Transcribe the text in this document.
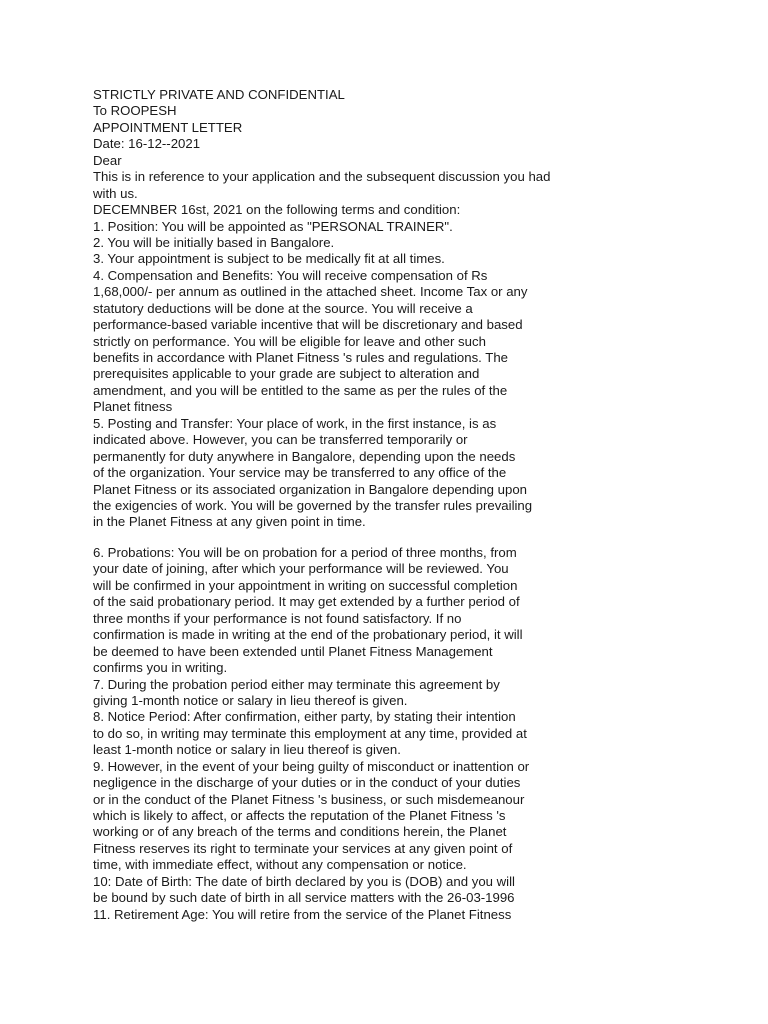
STRICTLY PRIVATE AND CONFIDENTIAL
To ROOPESH
APPOINTMENT LETTER
Date: 16-12--2021
Dear
This is in reference to your application and the subsequent discussion you had
with us.
DECEMNBER 16st, 2021 on the following terms and condition:
1. Position: You will be appointed as "PERSONAL TRAINER".
2. You will be initially based in Bangalore.
3. Your appointment is subject to be medically fit at all times.
4. Compensation and Benefits: You will receive compensation of Rs
1,68,000/- per annum as outlined in the attached sheet. Income Tax or any
statutory deductions will be done at the source. You will receive a
performance-based variable incentive that will be discretionary and based
strictly on performance. You will be eligible for leave and other such
benefits in accordance with Planet Fitness 's rules and regulations. The
prerequisites applicable to your grade are subject to alteration and
amendment, and you will be entitled to the same as per the rules of the
Planet fitness
5. Posting and Transfer: Your place of work, in the first instance, is as
indicated above. However, you can be transferred temporarily or
permanently for duty anywhere in Bangalore, depending upon the needs
of the organization. Your service may be transferred to any office of the
Planet Fitness or its associated organization in Bangalore depending upon
the exigencies of work. You will be governed by the transfer rules prevailing
in the Planet Fitness at any given point in time.
6. Probations: You will be on probation for a period of three months, from
your date of joining, after which your performance will be reviewed. You
will be confirmed in your appointment in writing on successful completion
of the said probationary period. It may get extended by a further period of
three months if your performance is not found satisfactory. If no
confirmation is made in writing at the end of the probationary period, it will
be deemed to have been extended until Planet Fitness Management
confirms you in writing.
7. During the probation period either may terminate this agreement by
giving 1-month notice or salary in lieu thereof is given.
8. Notice Period: After confirmation, either party, by stating their intention
to do so, in writing may terminate this employment at any time, provided at
least 1-month notice or salary in lieu thereof is given.
9. However, in the event of your being guilty of misconduct or inattention or
negligence in the discharge of your duties or in the conduct of your duties
or in the conduct of the Planet Fitness 's business, or such misdemeanour
which is likely to affect, or affects the reputation of the Planet Fitness 's
working or of any breach of the terms and conditions herein, the Planet
Fitness reserves its right to terminate your services at any given point of
time, with immediate effect, without any compensation or notice.
10: Date of Birth: The date of birth declared by you is (DOB) and you will
be bound by such date of birth in all service matters with the 26-03-1996
11. Retirement Age: You will retire from the service of the Planet Fitness
